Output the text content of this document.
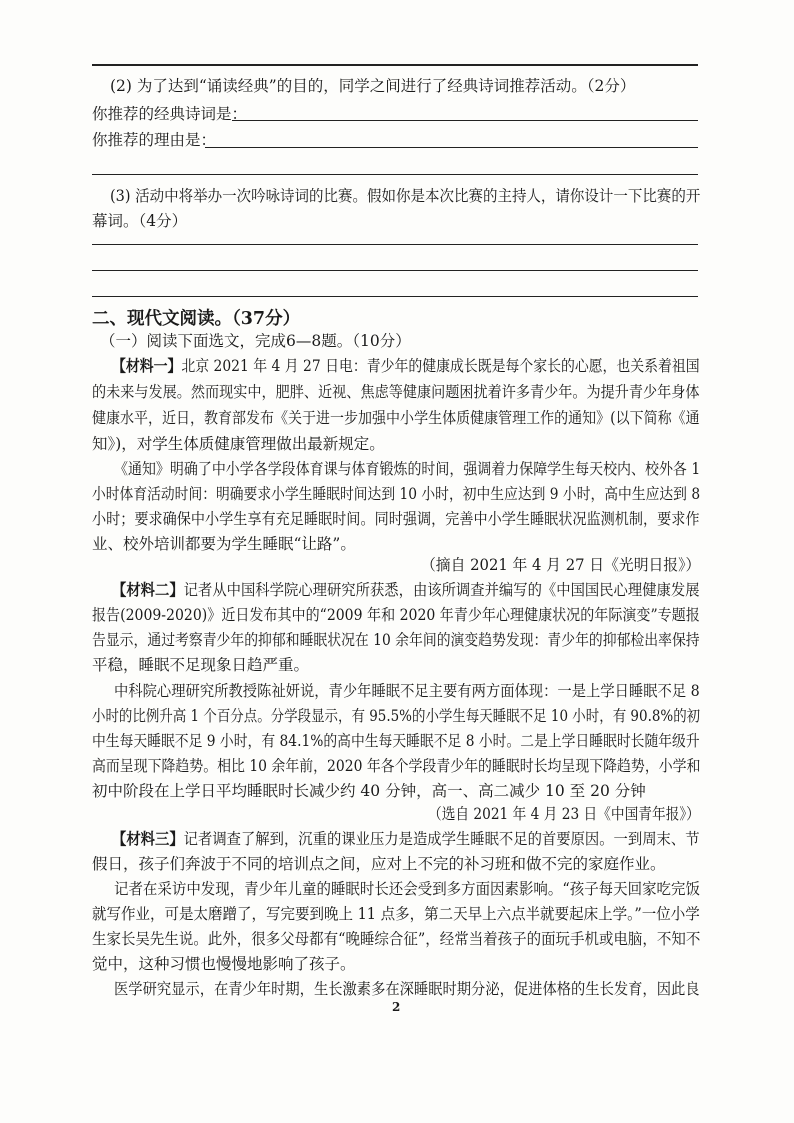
(2) 为了达到“诵读经典”的目的，同学之间进行了经典诗词推荐活动。（2分）
你推荐的经典诗词是：
你推荐的理由是：
(3) 活动中将举办一次吟咏诗词的比赛。假如你是本次比赛的主持人，请你设计一下比赛的开
幕词。（4分）
二、现代文阅读。（37分）
（一）阅读下面选文，完成6—8题。（10分）
【材料一】北京 2021 年 4 月 27 日电：青少年的健康成长既是每个家长的心愿，也关系着祖国
的未来与发展。然而现实中，肥胖、近视、焦虑等健康问题困扰着许多青少年。为提升青少年身体
健康水平，近日，教育部发布《关于进一步加强中小学生体质健康管理工作的通知》(以下简称《通
知》)，对学生体质健康管理做出最新规定。
《通知》明确了中小学各学段体育课与体育锻炼的时间，强调着力保障学生每天校内、校外各 1
小时体育活动时间：明确要求小学生睡眠时间达到 10 小时，初中生应达到 9 小时，高中生应达到 8
小时；要求确保中小学生享有充足睡眠时间。同时强调，完善中小学生睡眠状况监测机制，要求作
业、校外培训都要为学生睡眠“让路”。
（摘自 2021 年 4 月 27 日《光明日报》）
【材料二】记者从中国科学院心理研究所获悉，由该所调查并编写的《中国国民心理健康发展
报告(2009-2020)》近日发布其中的“2009 年和 2020 年青少年心理健康状况的年际演变”专题报
告显示，通过考察青少年的抑郁和睡眠状况在 10 余年间的演变趋势发现：青少年的抑郁检出率保持
平稳，睡眠不足现象日趋严重。
中科院心理研究所教授陈祉妍说，青少年睡眠不足主要有两方面体现：一是上学日睡眠不足 8
小时的比例升高 1 个百分点。分学段显示，有 95.5%的小学生每天睡眠不足 10 小时，有 90.8%的初
中生每天睡眠不足 9 小时，有 84.1%的高中生每天睡眠不足 8 小时。二是上学日睡眠时长随年级升
高而呈现下降趋势。相比 10 余年前，2020 年各个学段青少年的睡眠时长均呈现下降趋势，小学和
初中阶段在上学日平均睡眠时长减少约 40 分钟，高一、高二减少 10 至 20 分钟
（选自 2021 年 4 月 23 日《中国青年报》）
【材料三】记者调查了解到，沉重的课业压力是造成学生睡眠不足的首要原因。一到周末、节
假日，孩子们奔波于不同的培训点之间，应对上不完的补习班和做不完的家庭作业。
记者在采访中发现，青少年儿童的睡眠时长还会受到多方面因素影响。“孩子每天回家吃完饭
就写作业，可是太磨蹭了，写完要到晚上 11 点多，第二天早上六点半就要起床上学。”一位小学
生家长吴先生说。此外，很多父母都有“晚睡综合征”，经常当着孩子的面玩手机或电脑，不知不
觉中，这种习惯也慢慢地影响了孩子。
医学研究显示，在青少年时期，生长激素多在深睡眠时期分泌，促进体格的生长发育，因此良
2
